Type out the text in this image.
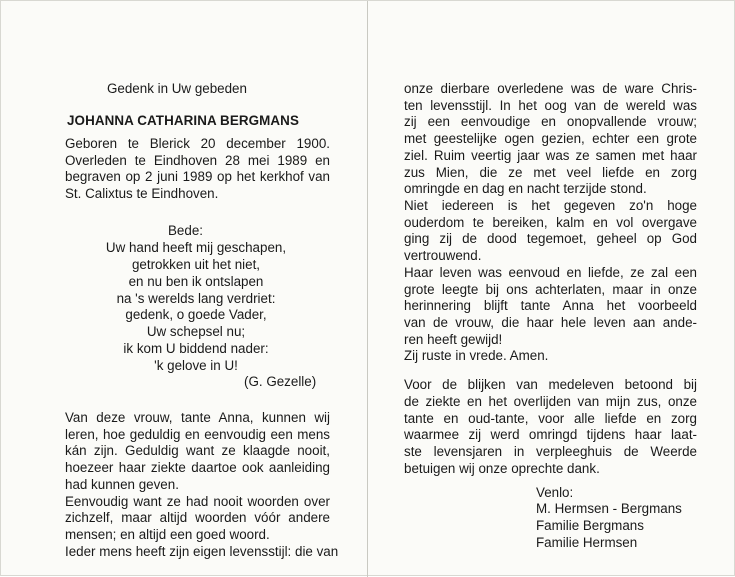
Gedenk in Uw gebeden
JOHANNA CATHARINA BERGMANS
Geboren te Blerick 20 december 1900.
Overleden te Eindhoven 28 mei 1989 en
begraven op 2 juni 1989 op het kerkhof van
St. Calixtus te Eindhoven.
Bede:
Uw hand heeft mij geschapen,
getrokken uit het niet,
en nu ben ik ontslapen
na 's werelds lang verdriet:
gedenk, o goede Vader,
Uw schepsel nu;
ik kom U biddend nader:
'k gelove in U!
(G. Gezelle)
Van deze vrouw, tante Anna, kunnen wij
leren, hoe geduldig en eenvoudig een mens
kán zijn. Geduldig want ze klaagde nooit,
hoezeer haar ziekte daartoe ook aanleiding
had kunnen geven.
Eenvoudig want ze had nooit woorden over
zichzelf, maar altijd woorden vóór andere
mensen; en altijd een goed woord.
Ieder mens heeft zijn eigen levensstijl: die van
onze dierbare overledene was de ware Chris-
ten levensstijl. In het oog van de wereld was
zij een eenvoudige en onopvallende vrouw;
met geestelijke ogen gezien, echter een grote
ziel. Ruim veertig jaar was ze samen met haar
zus Mien, die ze met veel liefde en zorg
omringde en dag en nacht terzijde stond.
Niet iedereen is het gegeven zo'n hoge
ouderdom te bereiken, kalm en vol overgave
ging zij de dood tegemoet, geheel op God
vertrouwend.
Haar leven was eenvoud en liefde, ze zal een
grote leegte bij ons achterlaten, maar in onze
herinnering blijft tante Anna het voorbeeld
van de vrouw, die haar hele leven aan ande-
ren heeft gewijd!
Zij ruste in vrede. Amen.
Voor de blijken van medeleven betoond bij
de ziekte en het overlijden van mijn zus, onze
tante en oud-tante, voor alle liefde en zorg
waarmee zij werd omringd tijdens haar laat-
ste levensjaren in verpleeghuis de Weerde
betuigen wij onze oprechte dank.
Venlo:
M. Hermsen - Bergmans
Familie Bergmans
Familie Hermsen
